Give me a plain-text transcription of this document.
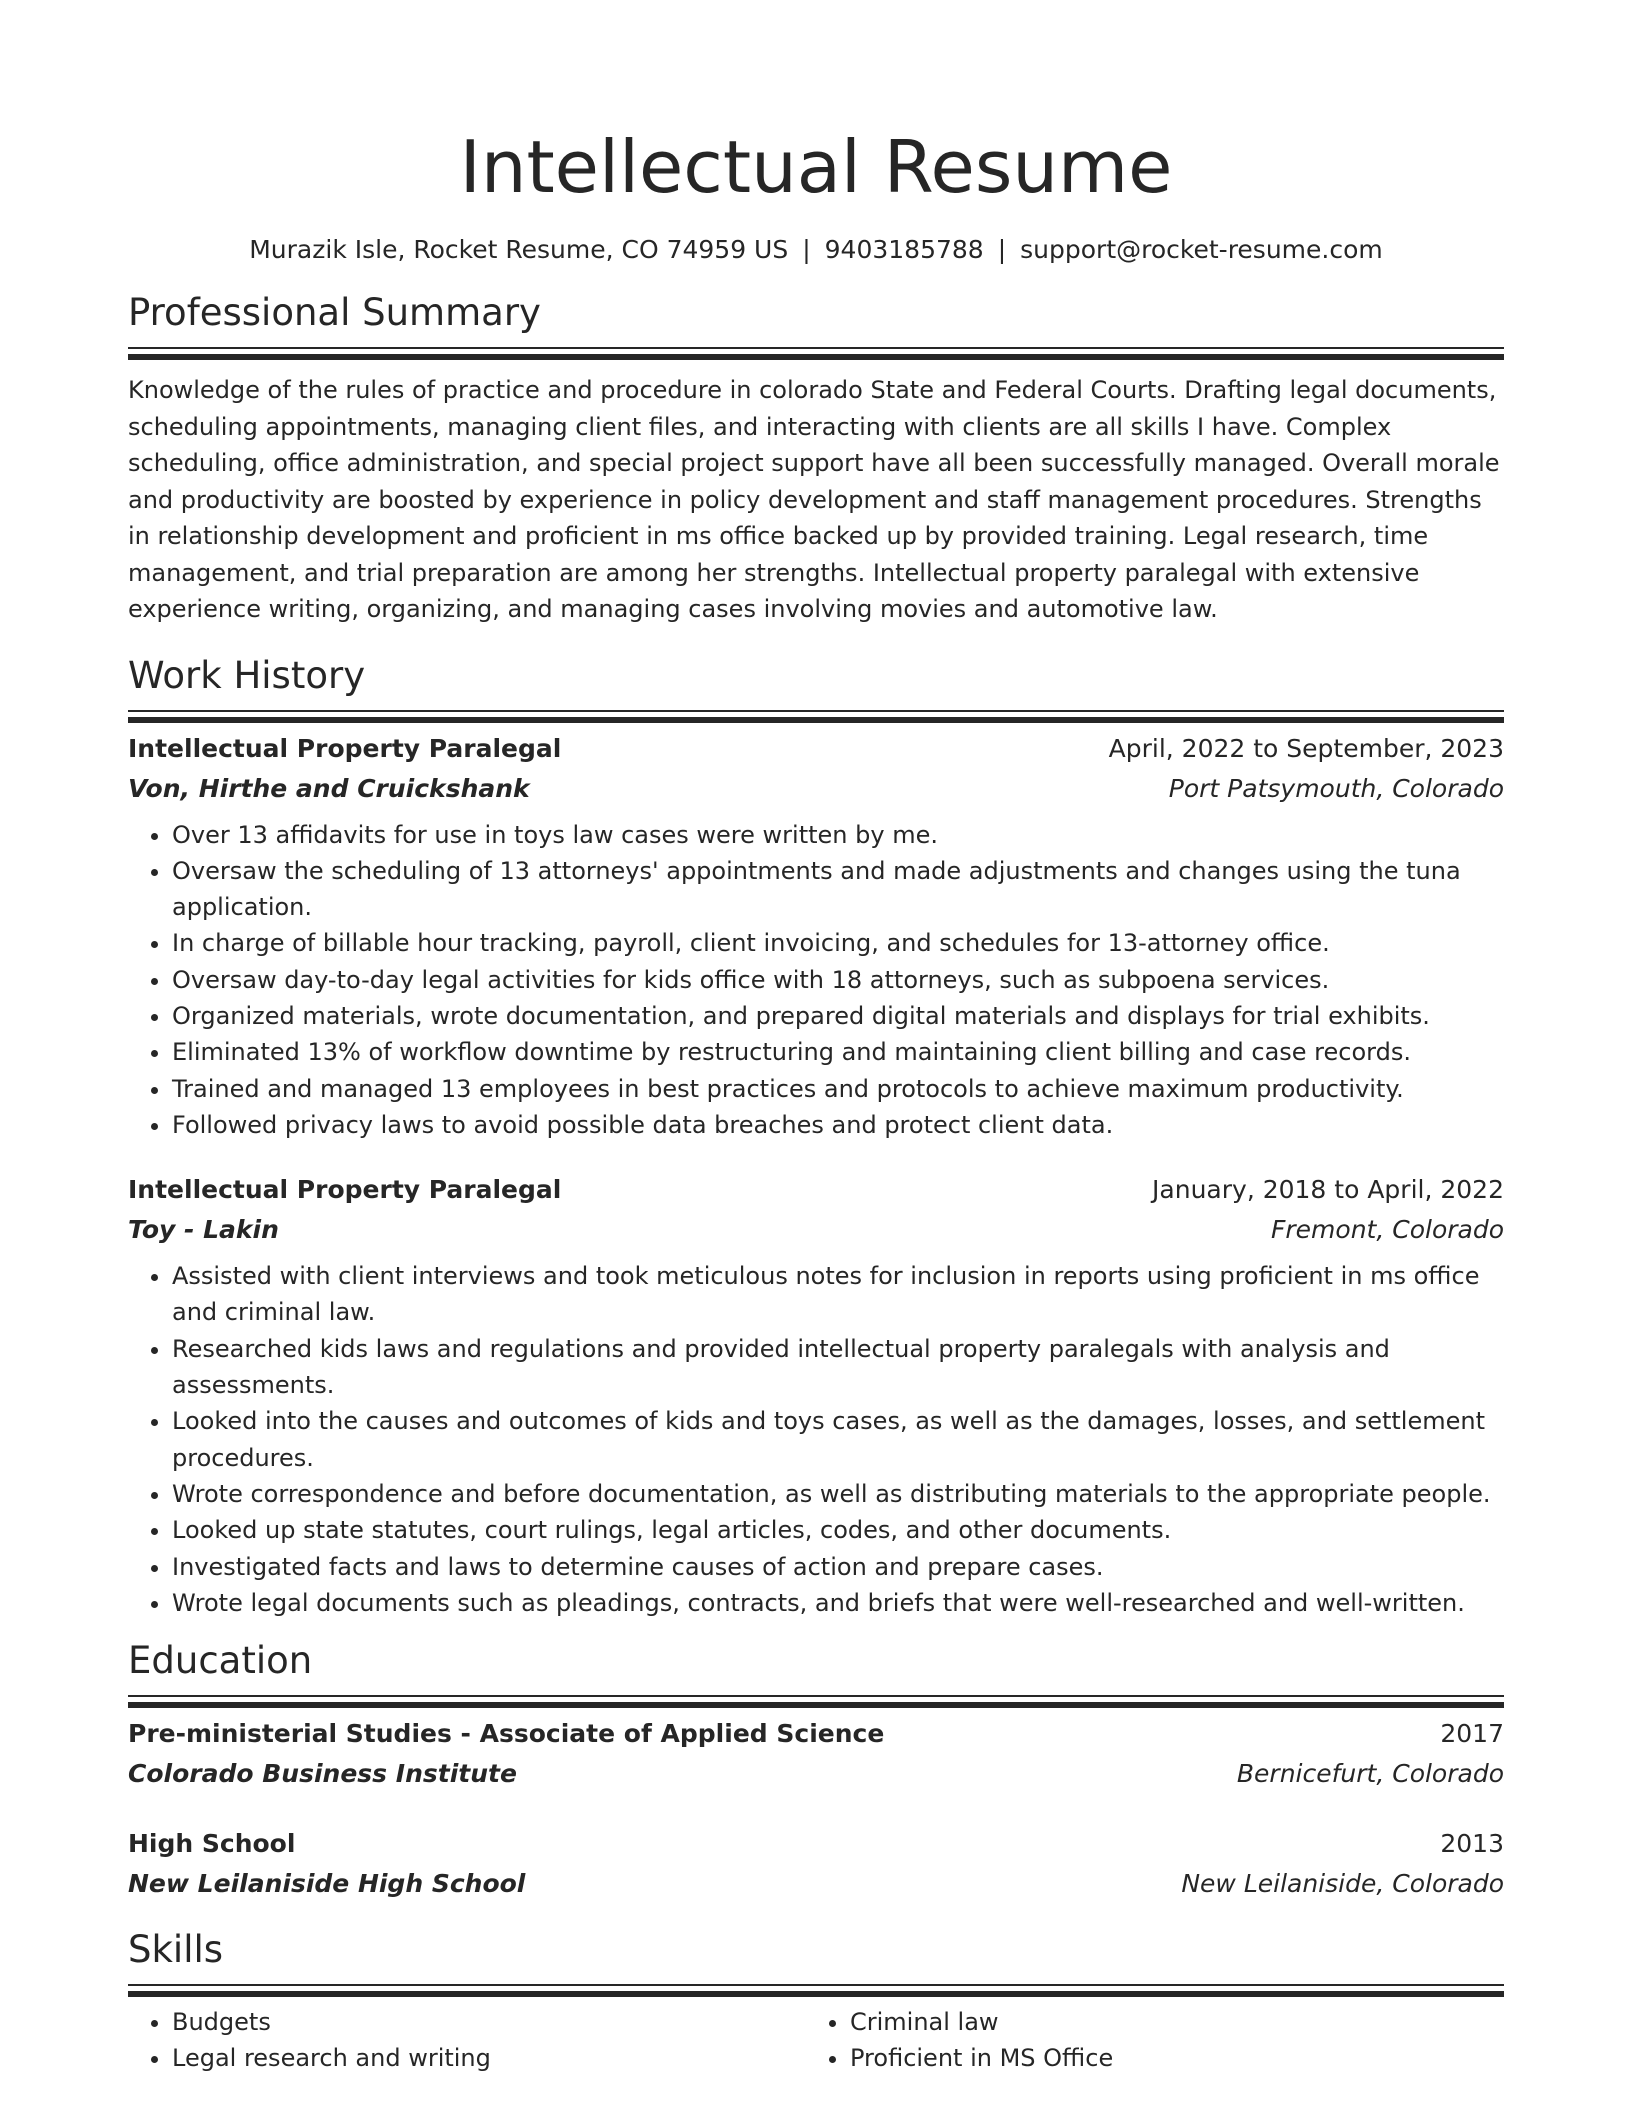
Intellectual Resume
Murazik Isle, Rocket Resume, CO 74959 US | 9403185788 | support@rocket-resume.com
Professional Summary

Knowledge of the rules of practice and procedure in colorado State and Federal Courts. Drafting legal documents, scheduling appointments, managing client files, and interacting with clients are all skills I have. Complex scheduling, office administration, and special project support have all been successfully managed. Overall morale and productivity are boosted by experience in policy development and staff management procedures. Strengths in relationship development and proficient in ms office backed up by provided training. Legal research, time management, and trial preparation are among her strengths. Intellectual property paralegal with extensive experience writing, organizing, and managing cases involving movies and automotive law.

Work History
Intellectual Property Paralegal	April, 2022 to September, 2023
Von, Hirthe and Cruickshank	Port Patsymouth, Colorado
• Over 13 affidavits for use in toys law cases were written by me.
• Oversaw the scheduling of 13 attorneys' appointments and made adjustments and changes using the tuna application.
• In charge of billable hour tracking, payroll, client invoicing, and schedules for 13-attorney office.
• Oversaw day-to-day legal activities for kids office with 18 attorneys, such as subpoena services.
• Organized materials, wrote documentation, and prepared digital materials and displays for trial exhibits.
• Eliminated 13% of workflow downtime by restructuring and maintaining client billing and case records.
• Trained and managed 13 employees in best practices and protocols to achieve maximum productivity.
• Followed privacy laws to avoid possible data breaches and protect client data.
Intellectual Property Paralegal	January, 2018 to April, 2022
Toy - Lakin	Fremont, Colorado
• Assisted with client interviews and took meticulous notes for inclusion in reports using proficient in ms office and criminal law.
• Researched kids laws and regulations and provided intellectual property paralegals with analysis and assessments.
• Looked into the causes and outcomes of kids and toys cases, as well as the damages, losses, and settlement procedures.
• Wrote correspondence and before documentation, as well as distributing materials to the appropriate people.
• Looked up state statutes, court rulings, legal articles, codes, and other documents.
• Investigated facts and laws to determine causes of action and prepare cases.
• Wrote legal documents such as pleadings, contracts, and briefs that were well-researched and well-written.
Education
Pre-ministerial Studies - Associate of Applied Science	2017
Colorado Business Institute	Bernicefurt, Colorado
High School	2013
New Leilaniside High School	New Leilaniside, Colorado
Skills
• Budgets
• Legal research and writing
• Criminal law
• Proficient in MS Office
